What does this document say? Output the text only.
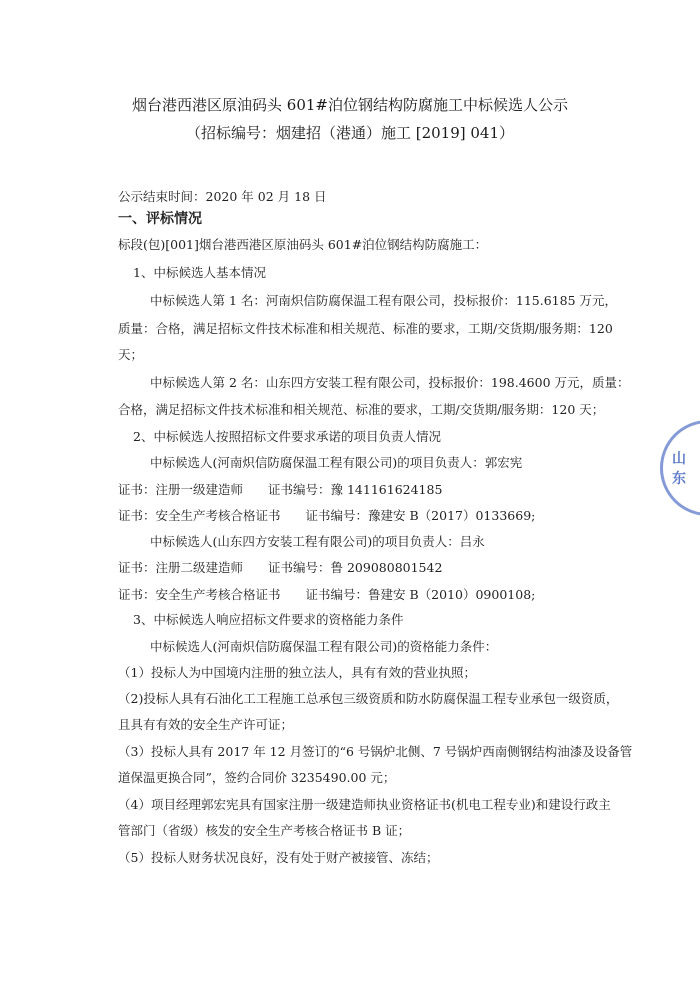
烟台港西港区原油码头 601#泊位钢结构防腐施工中标候选人公示
（招标编号：烟建招（港通）施工 [2019] 041）
公示结束时间：2020 年 02 月 18 日
一、评标情况
标段(包)[001]烟台港西港区原油码头 601#泊位钢结构防腐施工：
1、中标候选人基本情况
中标候选人第 1 名：河南炽信防腐保温工程有限公司，投标报价：115.6185 万元，
质量：合格，满足招标文件技术标准和相关规范、标准的要求，工期/交货期/服务期：120
天；
中标候选人第 2 名：山东四方安装工程有限公司，投标报价：198.4600 万元，质量：
合格，满足招标文件技术标准和相关规范、标准的要求，工期/交货期/服务期：120 天；
2、中标候选人按照招标文件要求承诺的项目负责人情况
中标候选人(河南炽信防腐保温工程有限公司)的项目负责人：郭宏宪
证书：注册一级建造师　　证书编号：豫 141161624185
证书：安全生产考核合格证书　　证书编号：豫建安 B（2017）0133669;
中标候选人(山东四方安装工程有限公司)的项目负责人：吕永
证书：注册二级建造师　　证书编号：鲁 209080801542
证书：安全生产考核合格证书　　证书编号：鲁建安 B（2010）0900108;
3、中标候选人响应招标文件要求的资格能力条件
中标候选人(河南炽信防腐保温工程有限公司)的资格能力条件：
（1）投标人为中国境内注册的独立法人，具有有效的营业执照；
（2)投标人具有石油化工工程施工总承包三级资质和防水防腐保温工程专业承包一级资质，
且具有有效的安全生产许可证；
（3）投标人具有 2017 年 12 月签订的“6 号锅炉北侧、7 号锅炉西南侧钢结构油漆及设备管
道保温更换合同”，签约合同价 3235490.00 元；
（4）项目经理郭宏宪具有国家注册一级建造师执业资格证书(机电工程专业)和建设行政主
管部门（省级）核发的安全生产考核合格证书 B 证；
（5）投标人财务状况良好，没有处于财产被接管、冻结；
山 东
